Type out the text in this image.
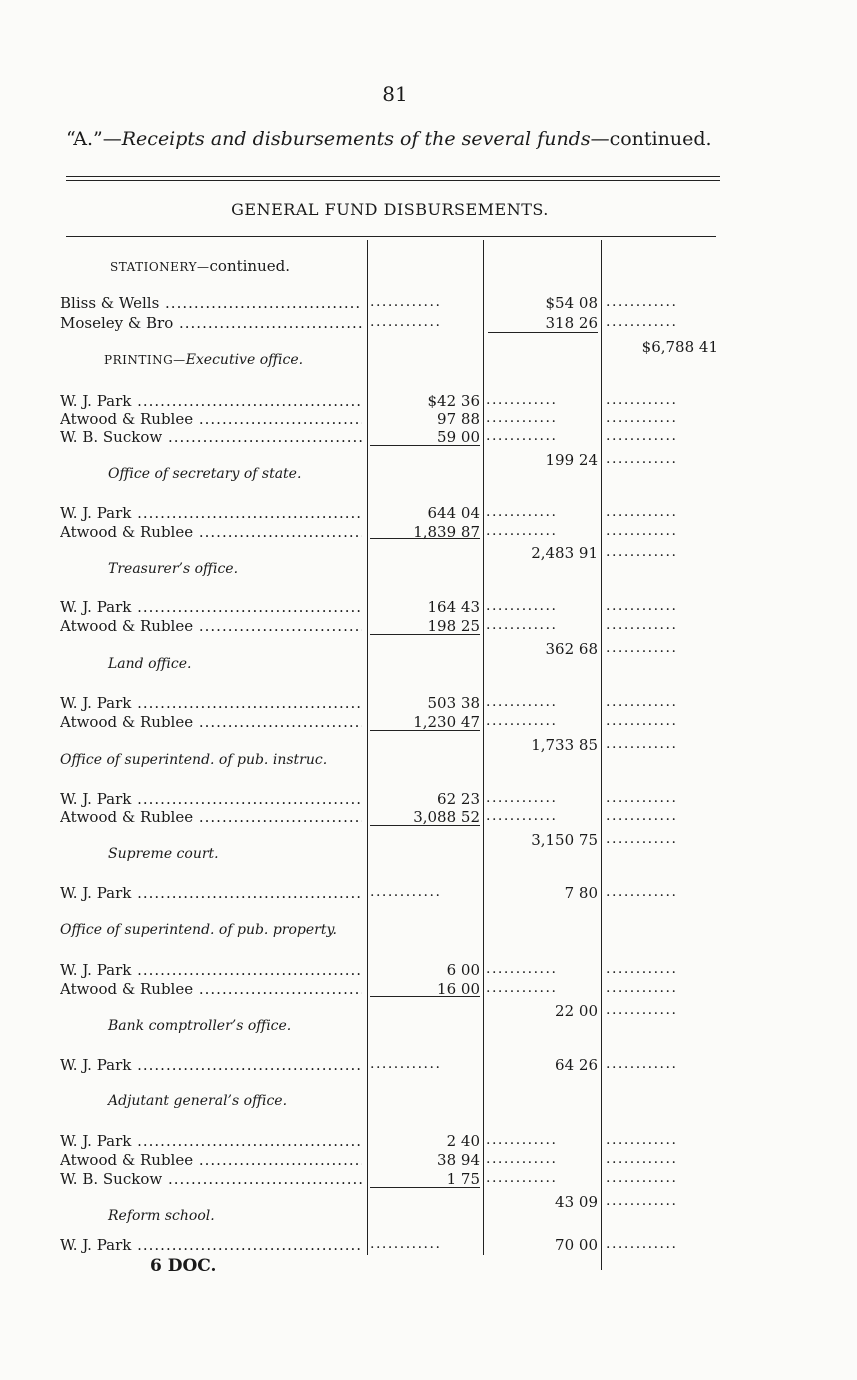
81
“A.”—Receipts and disbursements of the several funds—continued.
GENERAL FUND DISBURSEMENTS.
STATIONERY—continued.
Bliss & Wells .....	............	$54 08 ............
Moseley & Bro .....	............	318 26 ............
$6,788 41
PRINTING—Executive office.
W. J. Park .....	$42 36 ............	............
Atwood & Rublee .....	97 88 ............	............
W. B. Suckow .....	59 00 ............	............
199 24 ............
Office of secretary of state.
W. J. Park .....	644 04 ............	............
Atwood & Rublee .....	1,839 87 ............	............
2,483 91 ............
Treasurer’s office.
W. J. Park .....	164 43 ............	............
Atwood & Rublee .....	198 25 ............	............
362 68 ............
Land office.
W. J. Park .....	503 38 ............	............
Atwood & Rublee .....	1,230 47 ............	............
1,733 85 ............
Office of superintend. of pub. instruc.
W. J. Park .....	62 23 ............	............
Atwood & Rublee .....	3,088 52 ............	............
3,150 75 ............
Supreme court.
W. J. Park .....	............	7 80 ............
Office of superintend. of pub. property.
W. J. Park .....	6 00 ............	............
Atwood & Rublee .....	16 00 ............	............
22 00 ............
Bank comptroller’s office.
W. J. Park .....	............	64 26 ............
Adjutant general’s office.
W. J. Park .....	2 40 ............	............
Atwood & Rublee .....	38 94 ............	............
W. B. Suckow .....	1 75 ............	............
43 09 ............
Reform school.
W. J. Park .....	............	70 00 ............
6 DOC.
